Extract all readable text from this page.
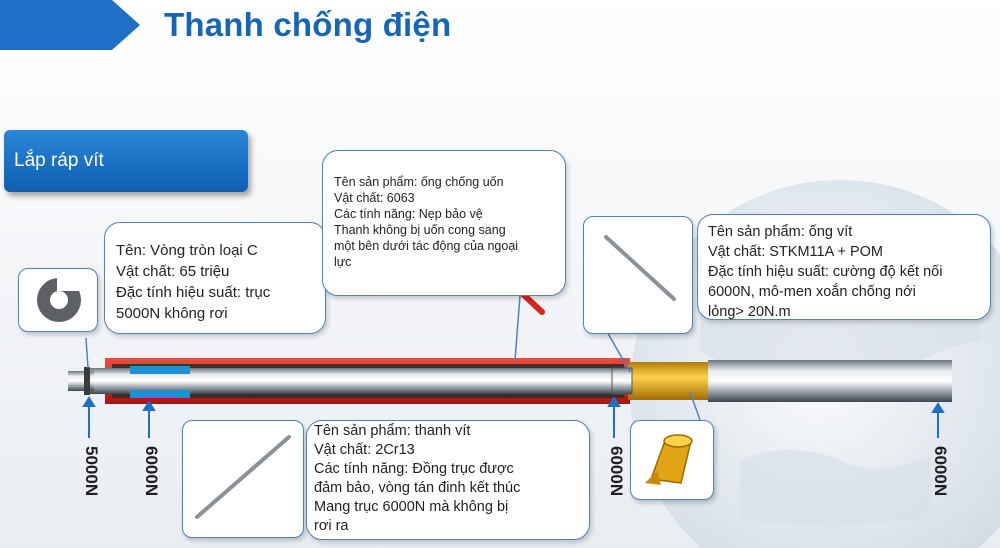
Thanh chống điện
Lắp ráp vít
Tên: Vòng tròn loại C
Vật chất: 65 triệu
Đặc tính hiệu suất: trục
5000N không rơi
Tên sản phẩm: ống chống uốn
Vật chất: 6063
Các tính năng: Nẹp bảo vệ
Thanh không bị uốn cong sang
một bên dưới tác động của ngoại
lực
Tên sản phẩm: ống vít
Vật chất: STKM11A + POM
Đặc tính hiệu suất: cường độ kết nối
6000N, mô-men xoắn chống nới
lỏng> 20N.m
Tên sản phẩm: thanh vít
Vật chất: 2Cr13
Các tính năng: Đồng trục được
đảm bảo, vòng tán đinh kết thúc
Mang trục 6000N mà không bị
rơi ra
5000N 6000N	6000N	6000N
